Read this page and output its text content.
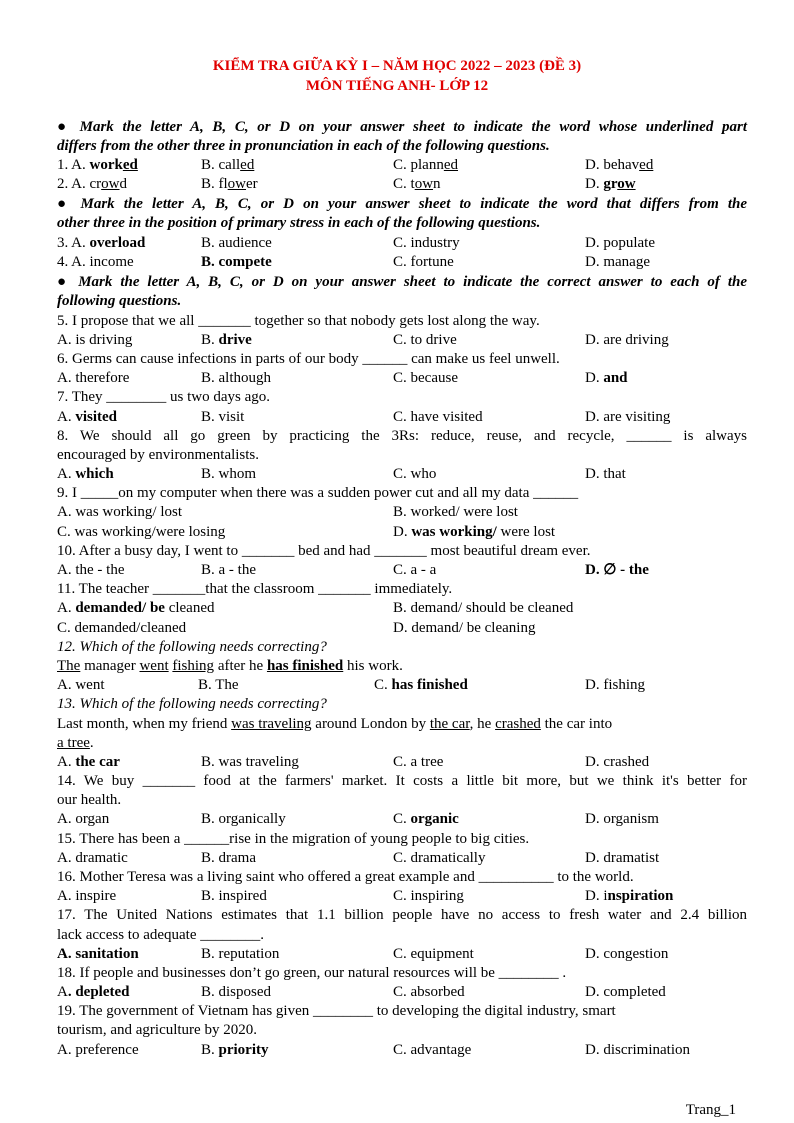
KIỂM TRA GIỮA KỲ I – NĂM HỌC 2022 – 2023 (ĐỀ 3)
MÔN TIẾNG ANH- LỚP 12
● Mark the letter A, B, C, or D on your answer sheet to indicate the word whose underlined part
differs from the other three in pronunciation in each of the following questions.
1. A. worked	B. called	C. planned	D. behaved
2. A. crowd	B. flower	C. town	D. grow
● Mark the letter A, B, C, or D on your answer sheet to indicate the word that differs from the
other three in the position of primary stress in each of the following questions.
3. A. overload	B. audience	C. industry	D. populate
4. A. income	B. compete	C. fortune	D. manage
● Mark the letter A, B, C, or D on your answer sheet to indicate the correct answer to each of the
following questions.
5. I propose that we all _______ together so that nobody gets lost along the way.
A. is driving	B. drive	C. to drive	D. are driving
6. Germs can cause infections in parts of our body ______ can make us feel unwell.
A. therefore	B. although	C. because	D. and
7. They ________ us two days ago.
A. visited	B. visit	C. have visited	D. are visiting
8. We should all go green by practicing the 3Rs: reduce, reuse, and recycle, ______ is always
encouraged by environmentalists.
A. which	B. whom	C. who	D. that
9. I _____on my computer when there was a sudden power cut and all my data ______
A. was working/ lost	B. worked/ were lost
C. was working/were losing	D. was working/ were lost
10. After a busy day, I went to _______ bed and had _______ most beautiful dream ever.
A. the - the	B. a - the	C. a - a	D. ∅ - the
11. The teacher _______that the classroom _______ immediately.
A. demanded/ be cleaned	B. demand/ should be cleaned
C. demanded/cleaned	D. demand/ be cleaning
12. Which of the following needs correcting?
The manager went fishing after he has finished his work.
A. went	B. The	C. has finished	D. fishing
13. Which of the following needs correcting?
Last month, when my friend was traveling around London by the car, he crashed the car into
a tree.
A. the car	B. was traveling	C. a tree	D. crashed
14. We buy _______ food at the farmers' market. It costs a little bit more, but we think it's better for
our health.
A. organ	B. organically	C. organic	D. organism
15. There has been a ______rise in the migration of young people to big cities.
A. dramatic	B. drama	C. dramatically	D. dramatist
16. Mother Teresa was a living saint who offered a great example and __________ to the world.
A. inspire	B. inspired	C. inspiring	D. inspiration
17. The United Nations estimates that 1.1 billion people have no access to fresh water and 2.4 billion
lack access to adequate ________.
A. sanitation	B. reputation	C. equipment	D. congestion
18. If people and businesses don’t go green, our natural resources will be ________ .
A. depleted	B. disposed	C. absorbed	D. completed
19. The government of Vietnam has given ________ to developing the digital industry, smart
tourism, and agriculture by 2020.
A. preference	B. priority	C. advantage	D. discrimination
Trang_1
